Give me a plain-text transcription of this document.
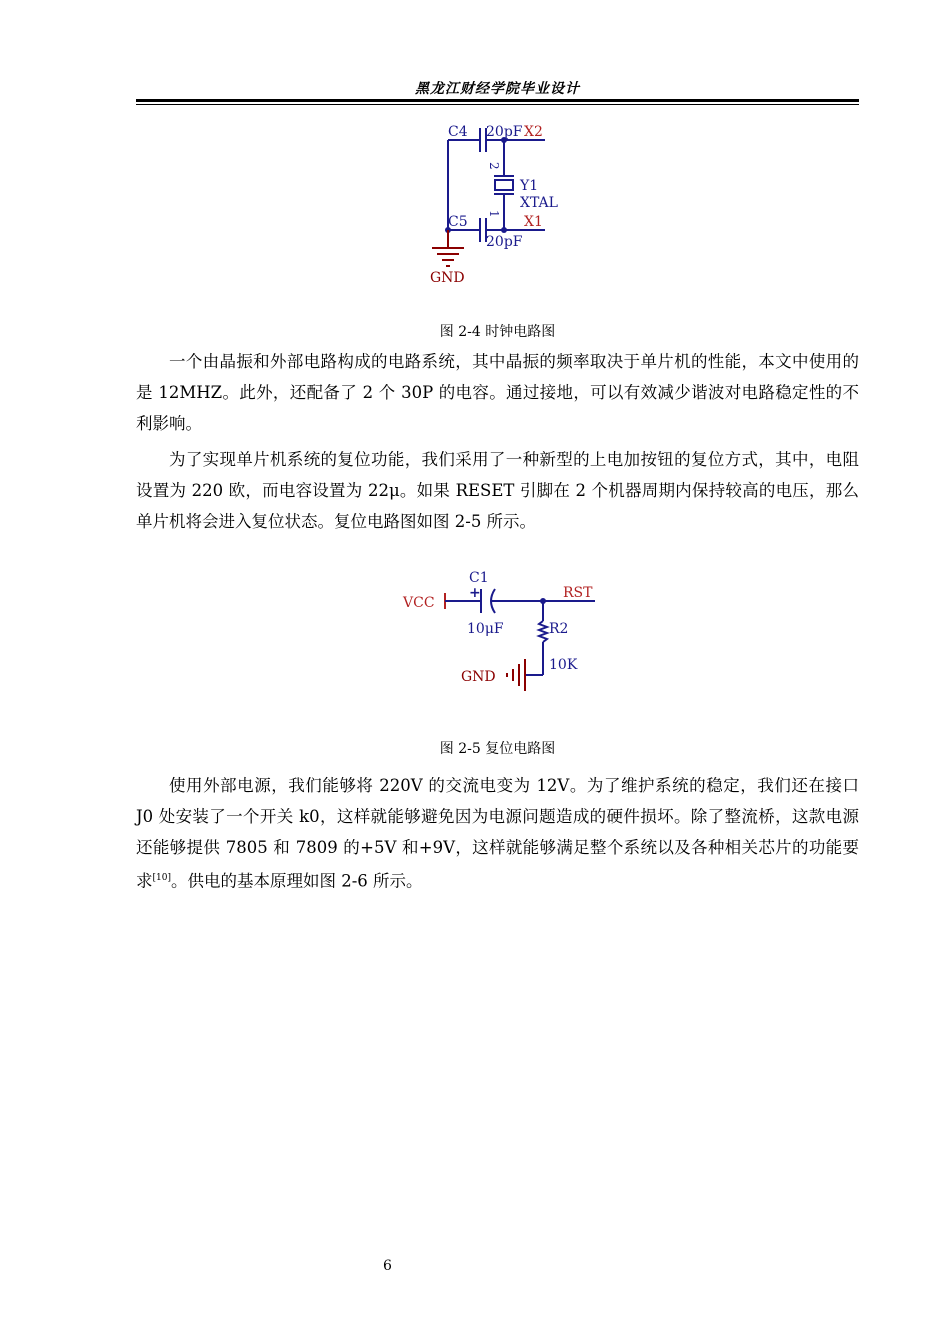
黑龙江财经学院毕业设计
C4 20pF X2
2
Y1
XTAL
1
C5	X1
20pF
GND
图 2-4 时钟电路图

一个由晶振和外部电路构成的电路系统，其中晶振的频率取决于单片机的性能，本文中使用的是 12MHZ。此外，还配备了 2 个 30P 的电容。通过接地，可以有效减少谐波对电路稳定性的不利影响。

为了实现单片机系统的复位功能，我们采用了一种新型的上电加按钮的复位方式，其中，电阻设置为 220 欧，而电容设置为 22μ。如果 RESET 引脚在 2 个机器周期内保持较高的电压，那么单片机将会进入复位状态。复位电路图如图 2-5 所示。

C1
+
VCC
RST
10μF	R2
GND
10K
图 2-5 复位电路图

使用外部电源，我们能够将 220V 的交流电变为 12V。为了维护系统的稳定，我们还在接口 J0 处安装了一个开关 k0，这样就能够避免因为电源问题造成的硬件损坏。除了整流桥，这款电源还能够提供 7805 和 7809 的+5V 和+9V，这样就能够满足整个系统以及各种相关芯片的功能要求[10]。供电的基本原理如图 2-6 所示。

6
